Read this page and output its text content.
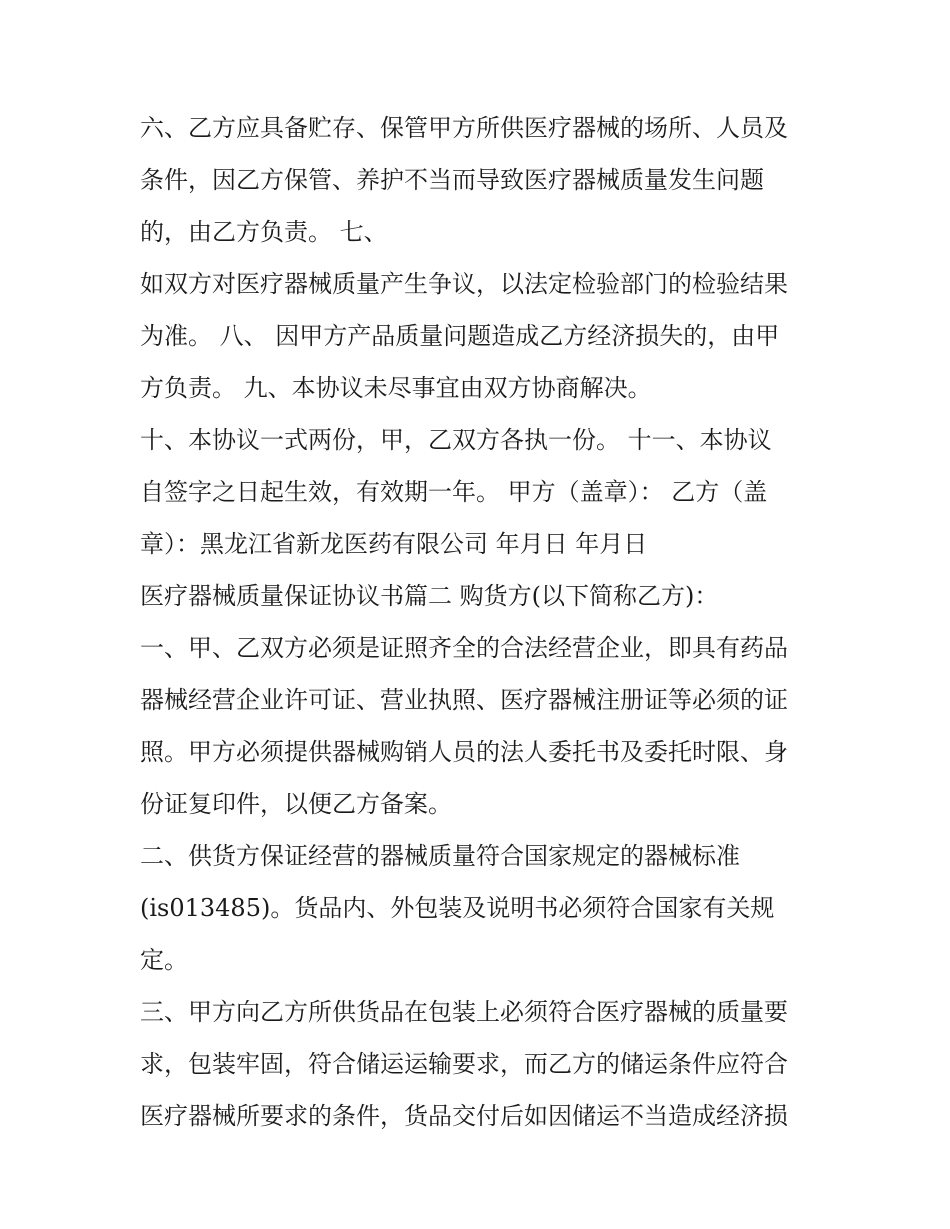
六、乙方应具备贮存、保管甲方所供医疗器械的场所、人员及
条件，因乙方保管、养护不当而导致医疗器械质量发生问题
的，由乙方负责。 七、
如双方对医疗器械质量产生争议，以法定检验部门的检验结果
为准。 八、 因甲方产品质量问题造成乙方经济损失的，由甲
方负责。 九、本协议未尽事宜由双方协商解决。
十、本协议一式两份，甲，乙双方各执一份。 十一、本协议
自签字之日起生效，有效期一年。 甲方（盖章）： 乙方（盖
章）：黑龙江省新龙医药有限公司 年月日 年月日
医疗器械质量保证协议书篇二 购货方(以下简称乙方)：
一、甲、乙双方必须是证照齐全的合法经营企业，即具有药品
器械经营企业许可证、营业执照、医疗器械注册证等必须的证
照。甲方必须提供器械购销人员的法人委托书及委托时限、身
份证复印件，以便乙方备案。
二、供货方保证经营的器械质量符合国家规定的器械标准
(is013485)。货品内、外包装及说明书必须符合国家有关规
定。
三、甲方向乙方所供货品在包装上必须符合医疗器械的质量要
求，包装牢固，符合储运运输要求，而乙方的储运条件应符合
医疗器械所要求的条件，货品交付后如因储运不当造成经济损
